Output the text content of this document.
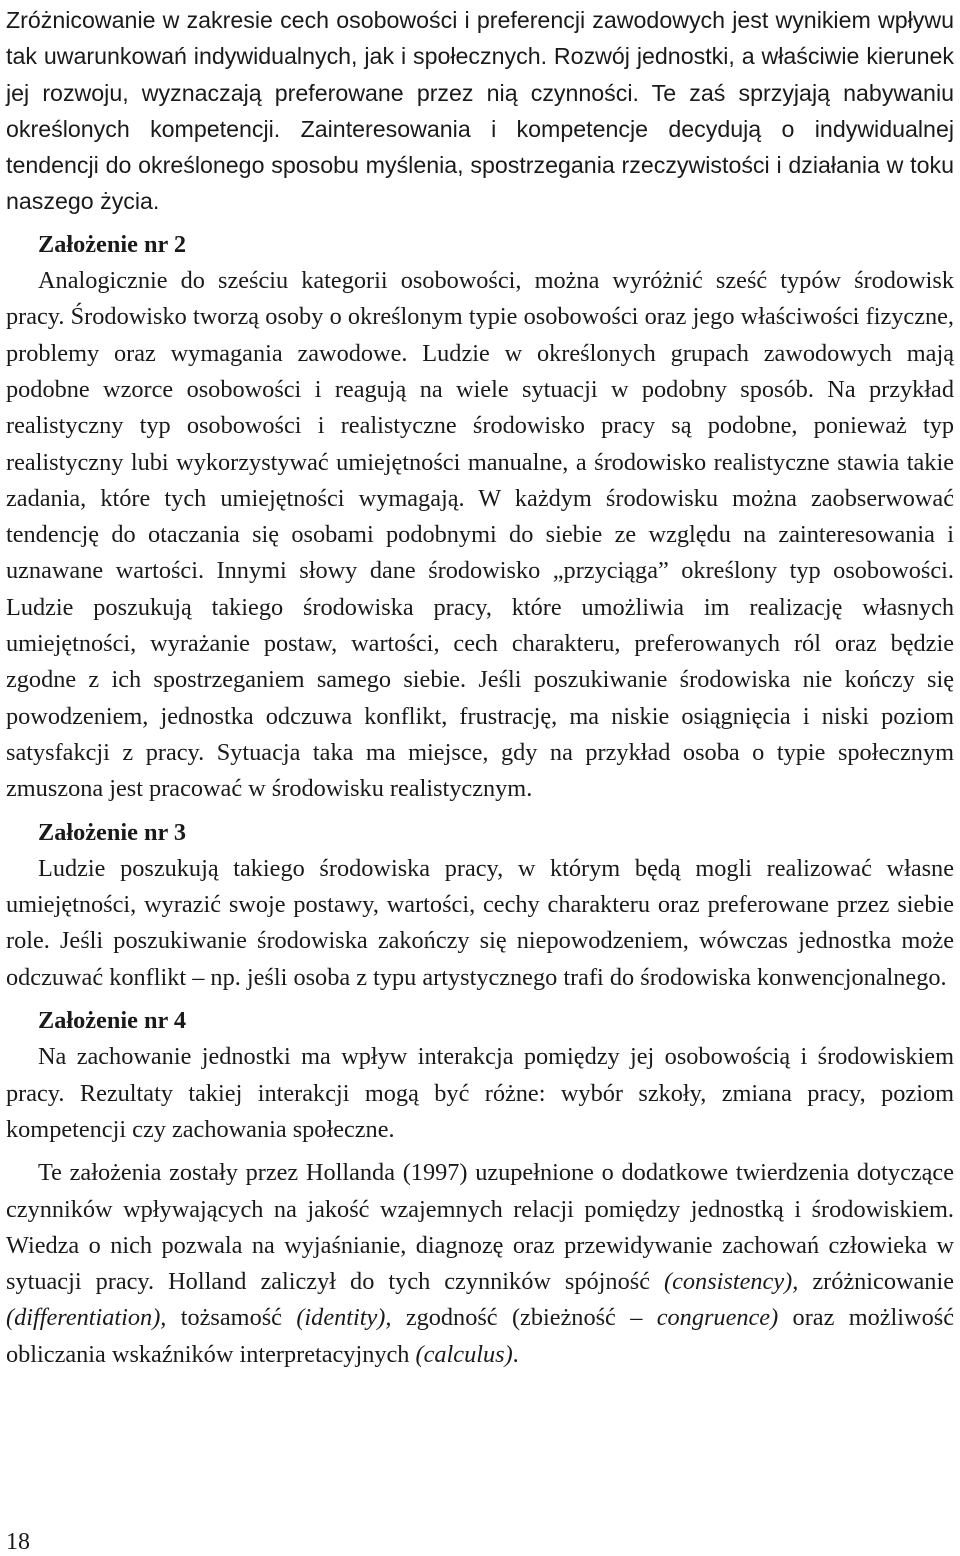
Zróżnicowanie w zakresie cech osobowości i preferencji zawodowych jest wynikiem wpływu tak uwarunkowań indywidualnych, jak i społecznych. Rozwój jednostki, a właściwie kierunek jej rozwoju, wyznaczają preferowane przez nią czynności. Te zaś sprzyjają nabywaniu określonych kompetencji. Zainteresowania i kompetencje decydują o indywidualnej tendencji do określonego sposobu myślenia, spostrzegania rzeczywistości i działania w toku naszego życia.

Założenie nr 2

Analogicznie do sześciu kategorii osobowości, można wyróżnić sześć typów środowisk pracy. Środowisko tworzą osoby o określonym typie osobowości oraz jego właściwości fizyczne, problemy oraz wymagania zawodowe. Ludzie w określonych grupach zawodowych mają podobne wzorce osobowości i reagują na wiele sytuacji w podobny sposób. Na przykład realistyczny typ osobowości i realistyczne środowisko pracy są podobne, ponieważ typ realistyczny lubi wykorzystywać umiejętności manualne, a środowisko realistyczne stawia takie zadania, które tych umiejętności wymagają. W każdym środowisku można zaobserwować tendencję do otaczania się osobami podobnymi do siebie ze względu na zainteresowania i uznawane wartości. Innymi słowy dane środowisko „przyciąga” określony typ osobowości. Ludzie poszukują takiego środowiska pracy, które umożliwia im realizację własnych umiejętności, wyrażanie postaw, wartości, cech charakteru, preferowanych ról oraz będzie zgodne z ich spostrzeganiem samego siebie. Jeśli poszukiwanie środowiska nie kończy się powodzeniem, jednostka odczuwa konflikt, frustrację, ma niskie osiągnięcia i niski poziom satysfakcji z pracy. Sytuacja taka ma miejsce, gdy na przykład osoba o typie społecznym zmuszona jest pracować w środowisku realistycznym.

Założenie nr 3

Ludzie poszukują takiego środowiska pracy, w którym będą mogli realizować własne umiejętności, wyrazić swoje postawy, wartości, cechy charakteru oraz preferowane przez siebie role. Jeśli poszukiwanie środowiska zakończy się niepowodzeniem, wówczas jednostka może odczuwać konflikt – np. jeśli osoba z typu artystycznego trafi do środowiska konwencjonalnego.

Założenie nr 4

Na zachowanie jednostki ma wpływ interakcja pomiędzy jej osobowością i środowiskiem pracy. Rezultaty takiej interakcji mogą być różne: wybór szkoły, zmiana pracy, poziom kompetencji czy zachowania społeczne.

Te założenia zostały przez Hollanda (1997) uzupełnione o dodatkowe twierdzenia dotyczące czynników wpływających na jakość wzajemnych relacji pomiędzy jednostką i środowiskiem. Wiedza o nich pozwala na wyjaśnianie, diagnozę oraz przewidywanie zachowań człowieka w sytuacji pracy. Holland zaliczył do tych czynników spójność (consistency), zróżnicowanie (differentiation), tożsamość (identity), zgodność (zbieżność – congruence) oraz możliwość obliczania wskaźników interpretacyjnych (calculus).

18
